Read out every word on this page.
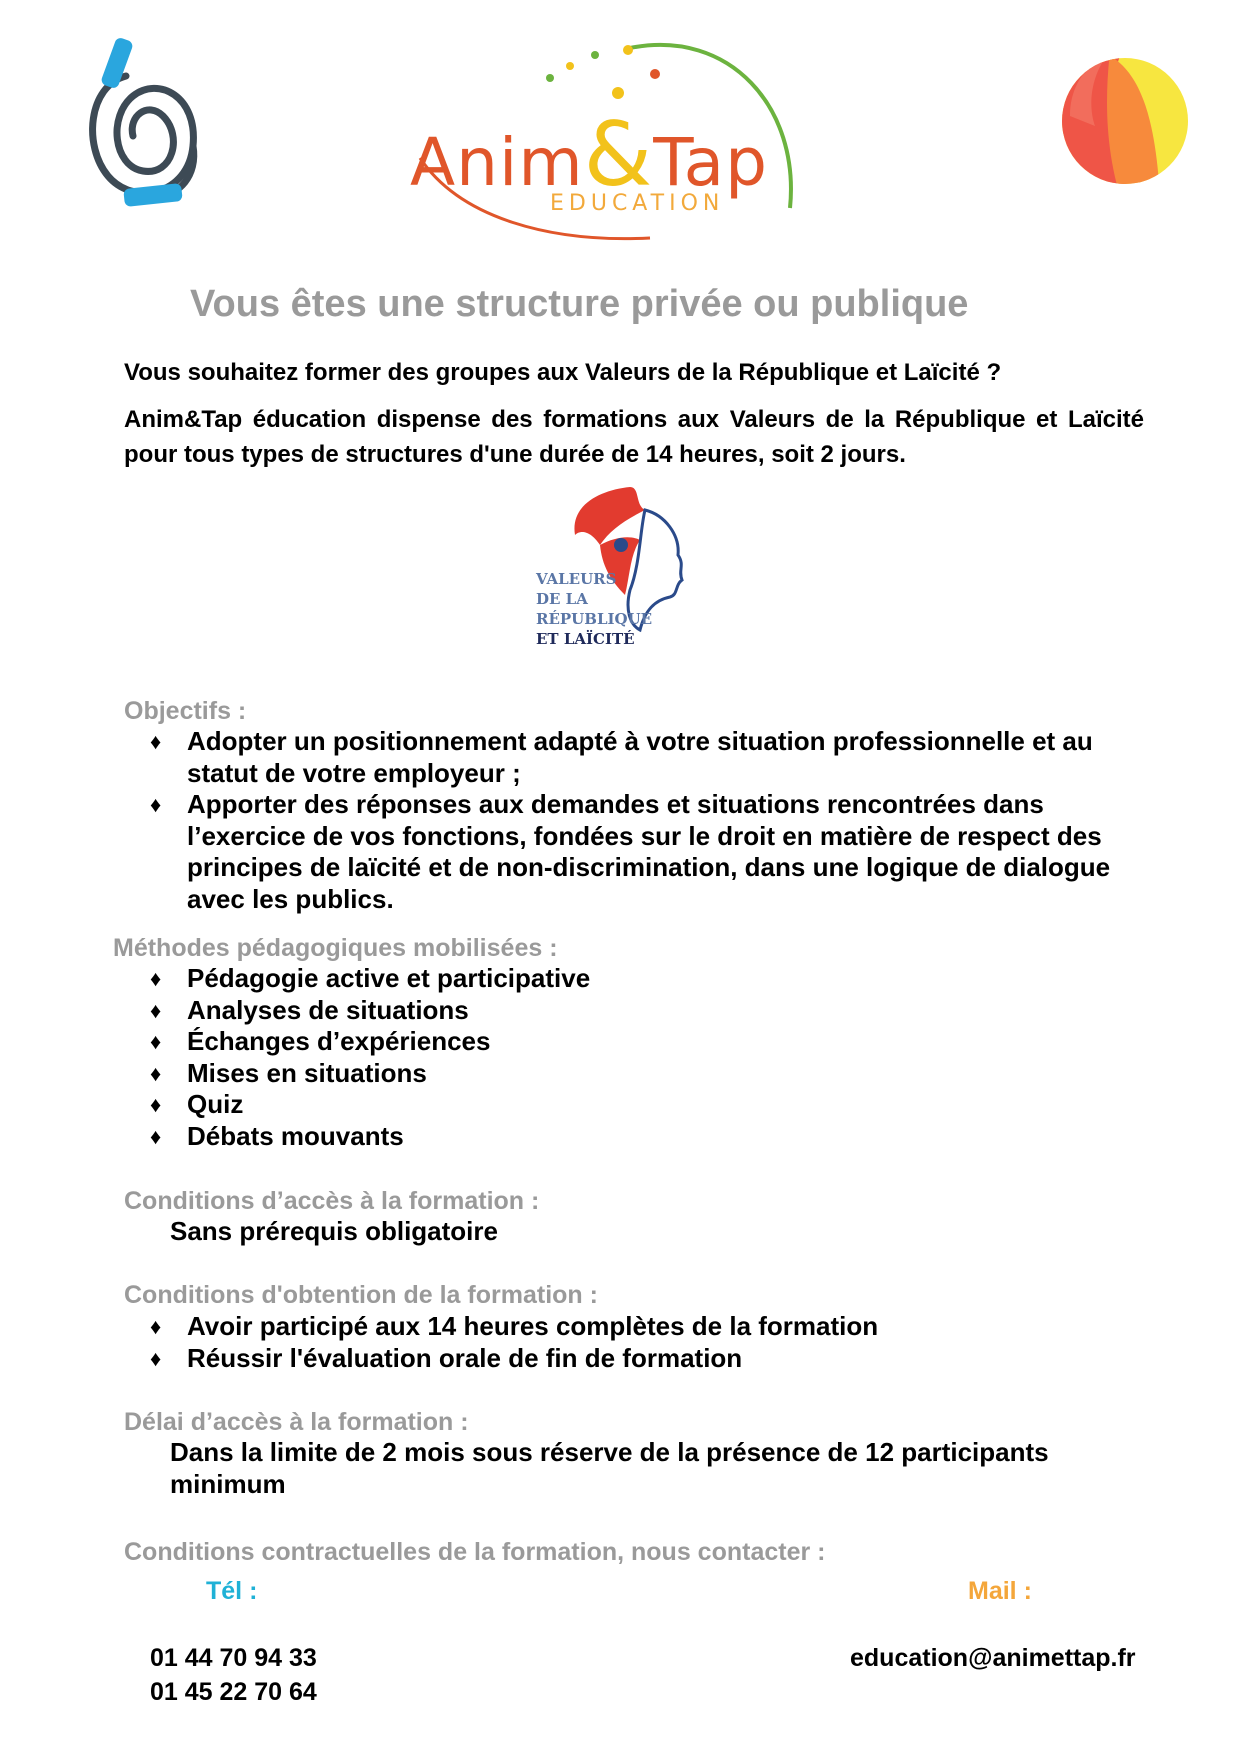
Anim&Tap
EDUCATION
Vous êtes une structure privée ou publique
Vous souhaitez former des groupes aux Valeurs de la République et Laïcité ?
Anim&Tap éducation dispense des formations aux Valeurs de la République et Laïcité pour tous types de structures d'une durée de 14 heures, soit 2 jours.
VALEURS
DE LA
RÉPUBLIQUE
ET LAÏCITÉ
Objectifs :
♦ Adopter un positionnement adapté à votre situation professionnelle et au statut de votre employeur ;
♦ Apporter des réponses aux demandes et situations rencontrées dans l’exercice de vos fonctions, fondées sur le droit en matière de respect des principes de laïcité et de non-discrimination, dans une logique de dialogue avec les publics.
Méthodes pédagogiques mobilisées :
♦ Pédagogie active et participative
♦ Analyses de situations
♦ Échanges d’expériences
♦ Mises en situations
♦ Quiz
♦ Débats mouvants
Conditions d’accès à la formation :
Sans prérequis obligatoire
Conditions d'obtention de la formation :
♦ Avoir participé aux 14 heures complètes de la formation
♦ Réussir l'évaluation orale de fin de formation
Délai d’accès à la formation :
Dans la limite de 2 mois sous réserve de la présence de 12 participants minimum
Conditions contractuelles de la formation, nous contacter :
Tél :	Mail :
01 44 70 94 33
01 45 22 70 64
education@animettap.fr
